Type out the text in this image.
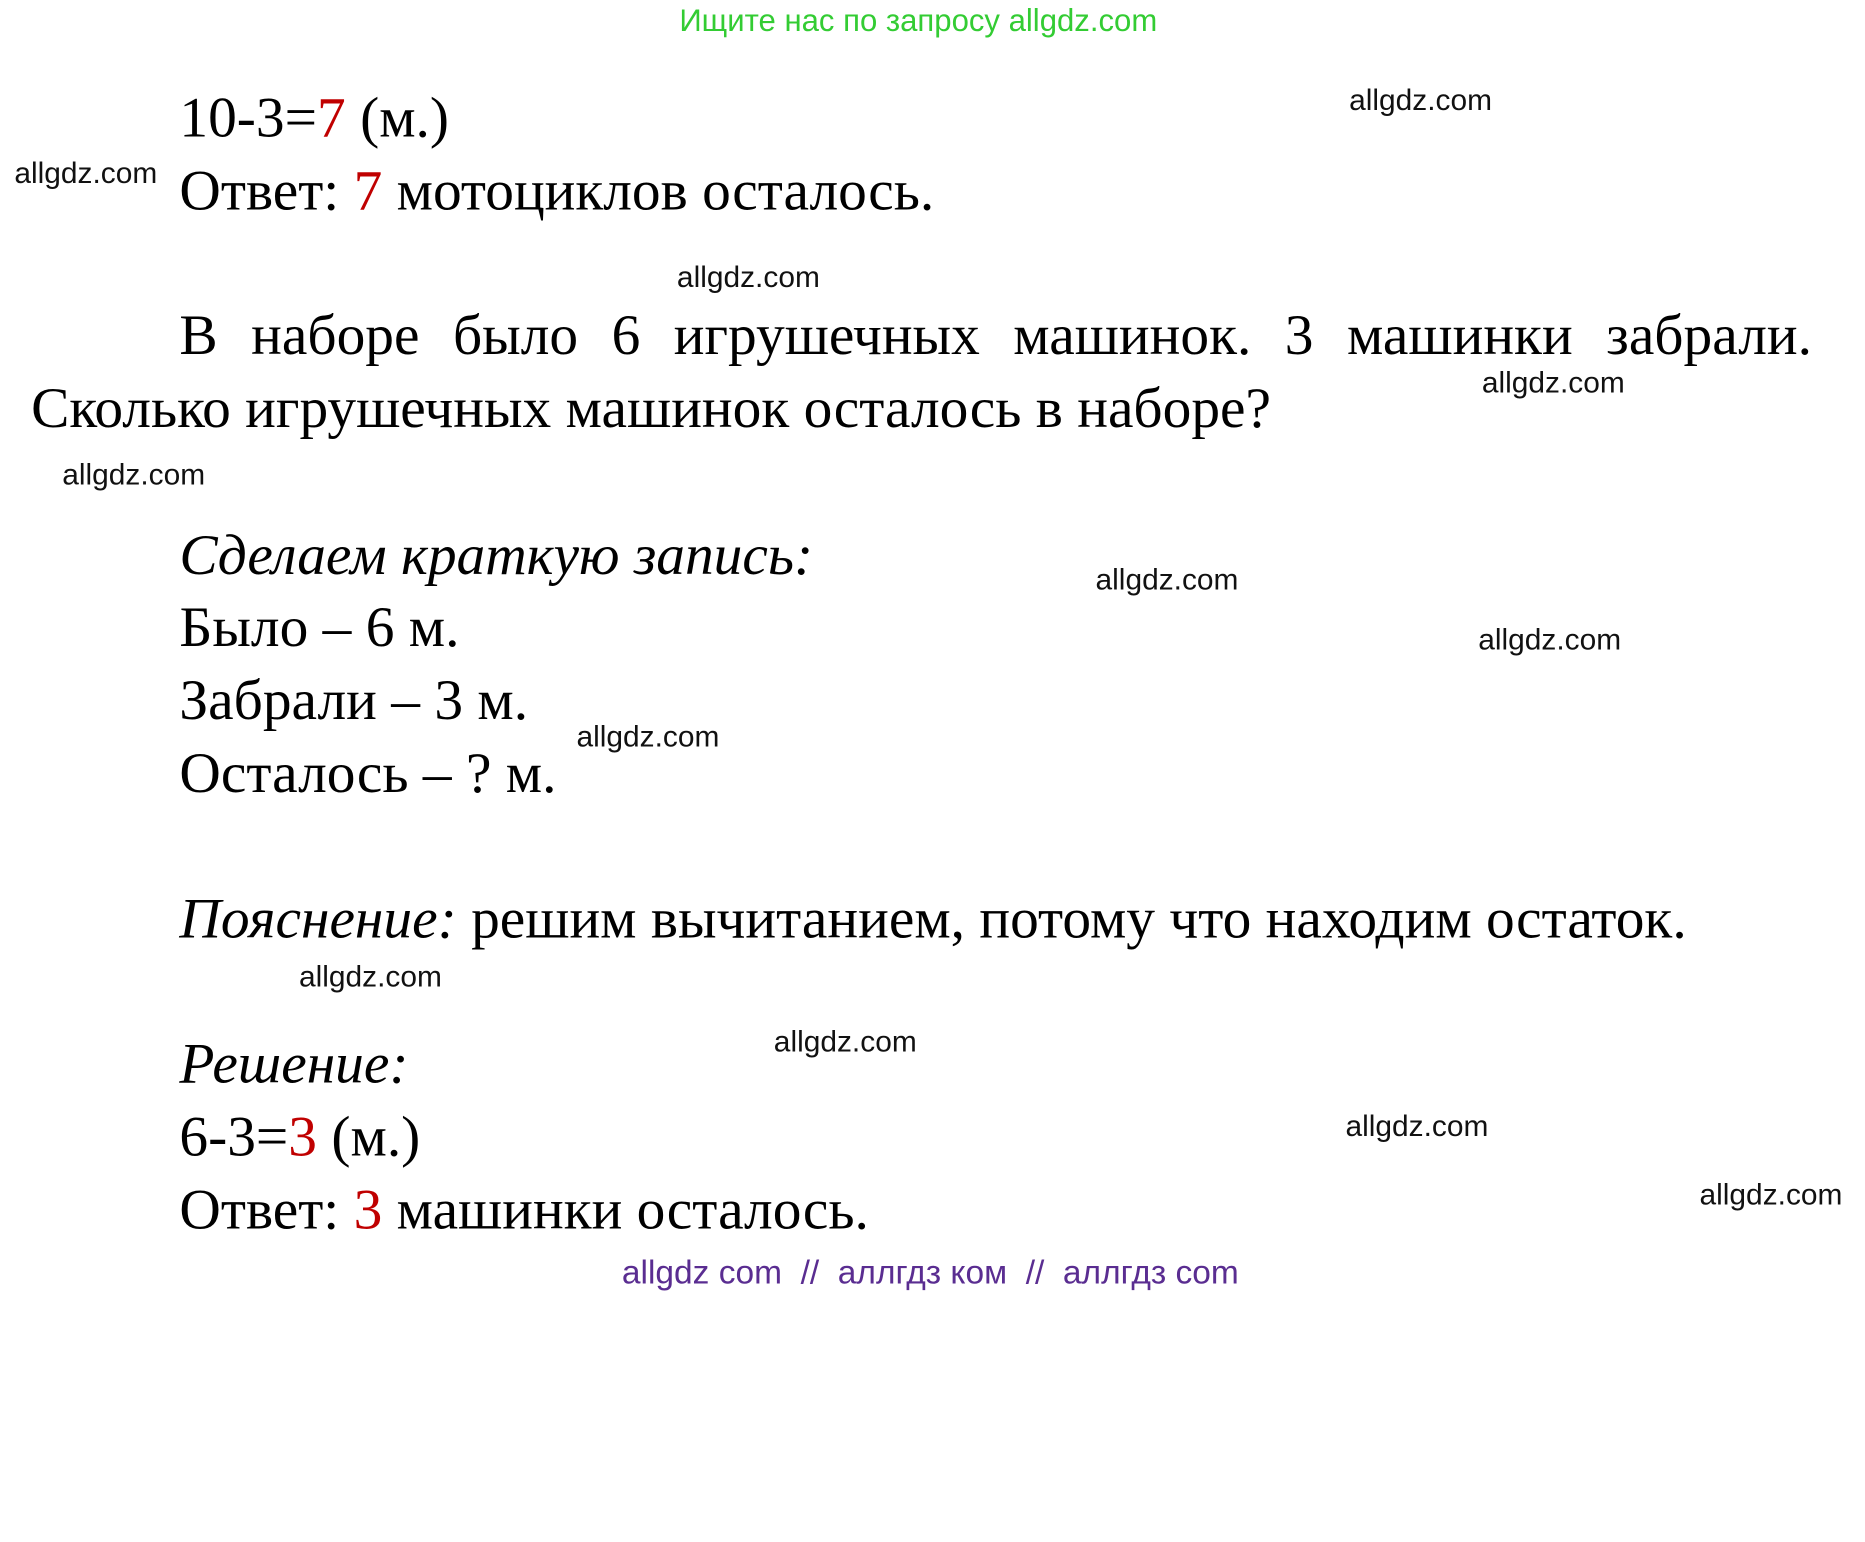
Ищите нас по запросу allgdz.com
10-3=7 (м.)
Ответ: 7 мотоциклов осталось.
В наборе было 6 игрушечных машинок. 3 машинки забрали.
Сколько игрушечных машинок осталось в наборе?
Сделаем краткую запись:
Было – 6 м.
Забрали – 3 м.
Осталось – ? м.
Пояснение: решим вычитанием, потому что находим остаток.
Решение:
6-3=3 (м.)
Ответ: 3 машинки осталось.
allgdz.com
allgdz.com
allgdz.com
allgdz.com
allgdz.com
allgdz.com
allgdz.com
allgdz.com
allgdz.com
allgdz.com
allgdz.com
allgdz.com
allgdz com  //  аллгдз ком  //  аллгдз com
